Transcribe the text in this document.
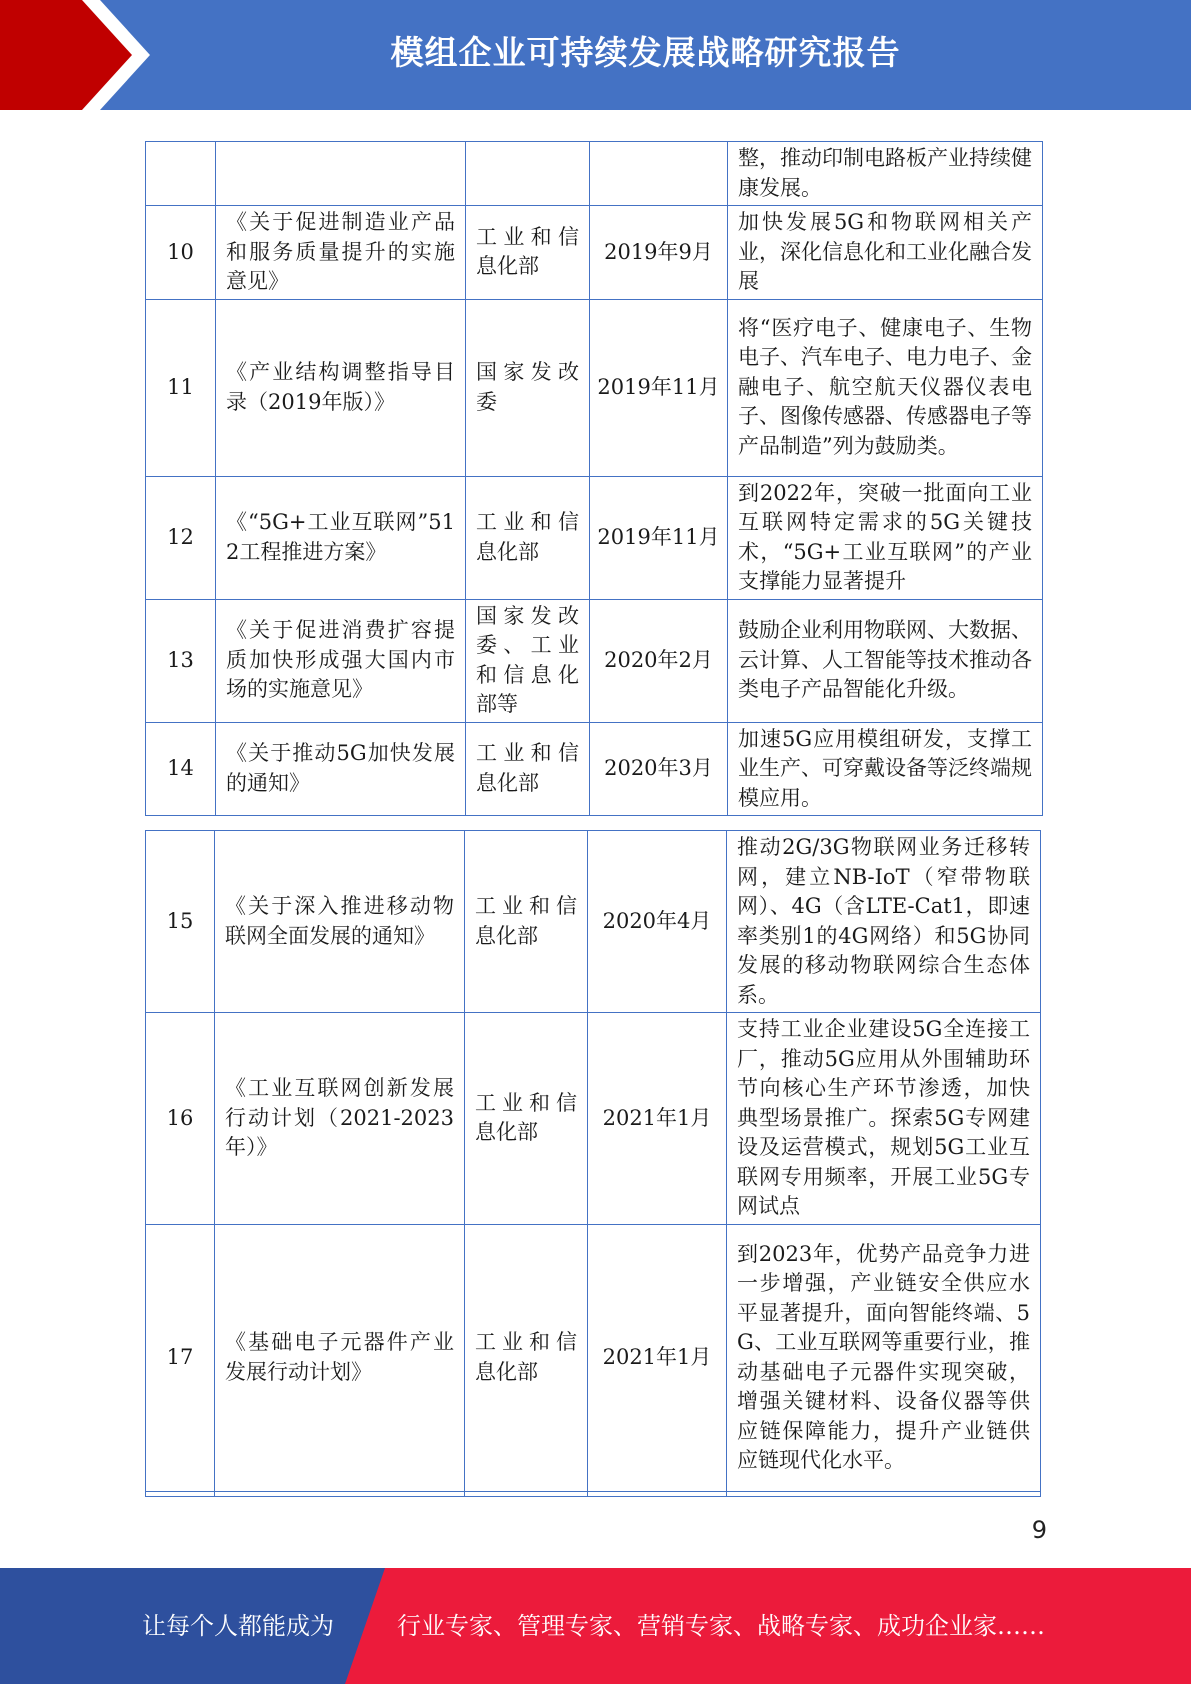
模组企业可持续发展战略研究报告
				整，推动印制电路板产业持续健康发展。
10	《关于促进制造业产品和服务质量提升的实施意见》	工业和信息化部	2019年9月	加快发展5G和物联网相关产业，深化信息化和工业化融合发展
11	《产业结构调整指导目录（2019年版）》	国家发改委	2019年11月	将“医疗电子、健康电子、生物电子、汽车电子、电力电子、金融电子、航空航天仪器仪表电子、图像传感器、传感器电子等产品制造”列为鼓励类。
12	《“5G+工业互联网”512工程推进方案》	工业和信息化部	2019年11月	到2022年，突破一批面向工业互联网特定需求的5G关键技术，“5G+工业互联网”的产业支撑能力显著提升
13	《关于促进消费扩容提质加快形成强大国内市场的实施意见》	国家发改委、工业和信息化部等	2020年2月	鼓励企业利用物联网、大数据、云计算、人工智能等技术推动各类电子产品智能化升级。
14	《关于推动5G加快发展的通知》	工业和信息化部	2020年3月	加速5G应用模组研发，支撑工业生产、可穿戴设备等泛终端规模应用。
15	《关于深入推进移动物联网全面发展的通知》	工业和信息化部	2020年4月	推动2G/3G物联网业务迁移转网，建立NB-IoT（窄带物联网）、4G（含LTE-Cat1，即速率类别1的4G网络）和5G协同发展的移动物联网综合生态体系。
16	《工业互联网创新发展行动计划（2021-2023年）》	工业和信息化部	2021年1月	支持工业企业建设5G全连接工厂，推动5G应用从外围辅助环节向核心生产环节渗透，加快典型场景推广。探索5G专网建设及运营模式，规划5G工业互联网专用频率，开展工业5G专网试点
17	《基础电子元器件产业发展行动计划》	工业和信息化部	2021年1月	到2023年，优势产品竞争力进一步增强，产业链安全供应水平显著提升，面向智能终端、5G、工业互联网等重要行业，推动基础电子元器件实现突破，增强关键材料、设备仪器等供应链保障能力，提升产业链供应链现代化水平。

9
让每个人都能成为	行业专家、管理专家、营销专家、战略专家、成功企业家……
